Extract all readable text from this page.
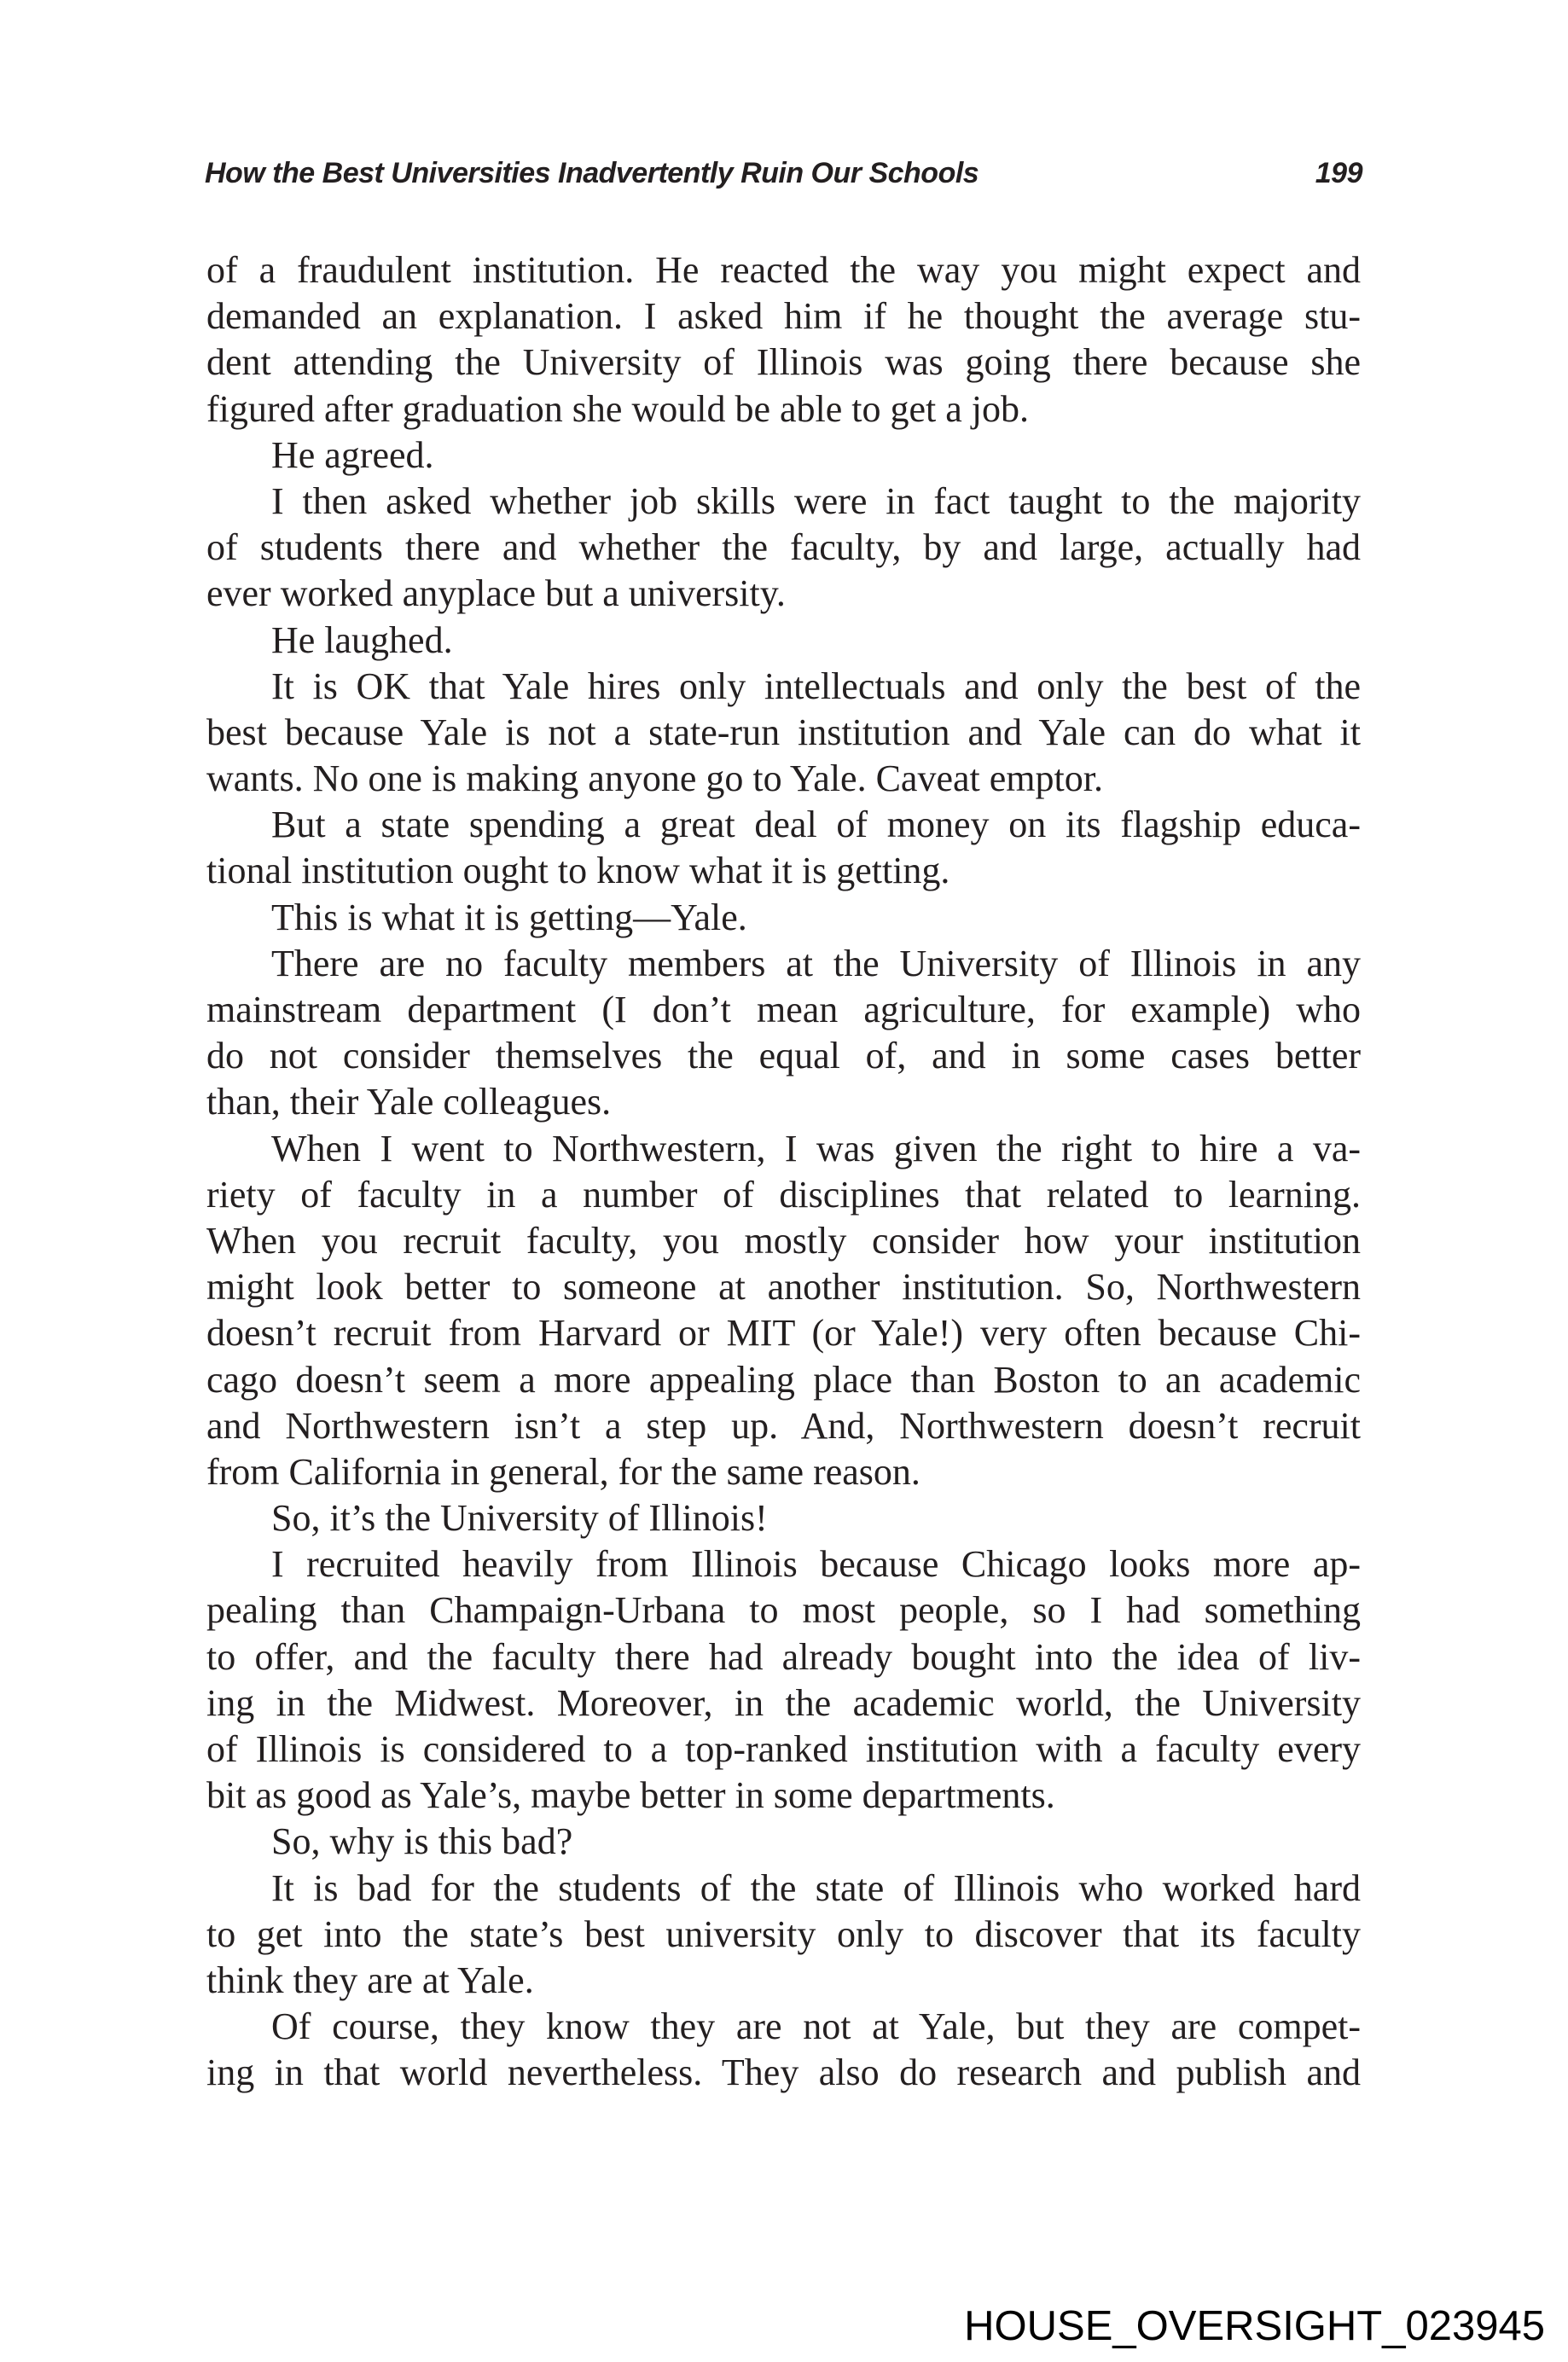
How the Best Universities Inadvertently Ruin Our Schools	199
of a fraudulent institution. He reacted the way you might expect and
demanded an explanation. I asked him if he thought the average stu-
dent attending the University of Illinois was going there because she
figured after graduation she would be able to get a job.
He agreed.
I then asked whether job skills were in fact taught to the majority
of students there and whether the faculty, by and large, actually had
ever worked anyplace but a university.
He laughed.
It is OK that Yale hires only intellectuals and only the best of the
best because Yale is not a state-run institution and Yale can do what it
wants. No one is making anyone go to Yale. Caveat emptor.
But a state spending a great deal of money on its flagship educa-
tional institution ought to know what it is getting.
This is what it is getting—Yale.
There are no faculty members at the University of Illinois in any
mainstream department (I don’t mean agriculture, for example) who
do not consider themselves the equal of, and in some cases better
than, their Yale colleagues.
When I went to Northwestern, I was given the right to hire a va-
riety of faculty in a number of disciplines that related to learning.
When you recruit faculty, you mostly consider how your institution
might look better to someone at another institution. So, Northwestern
doesn’t recruit from Harvard or MIT (or Yale!) very often because Chi-
cago doesn’t seem a more appealing place than Boston to an academic
and Northwestern isn’t a step up. And, Northwestern doesn’t recruit
from California in general, for the same reason.
So, it’s the University of Illinois!
I recruited heavily from Illinois because Chicago looks more ap-
pealing than Champaign-Urbana to most people, so I had something
to offer, and the faculty there had already bought into the idea of liv-
ing in the Midwest. Moreover, in the academic world, the University
of Illinois is considered to a top-ranked institution with a faculty every
bit as good as Yale’s, maybe better in some departments.
So, why is this bad?
It is bad for the students of the state of Illinois who worked hard
to get into the state’s best university only to discover that its faculty
think they are at Yale.
Of course, they know they are not at Yale, but they are compet-
ing in that world nevertheless. They also do research and publish and
HOUSE_OVERSIGHT_023945
